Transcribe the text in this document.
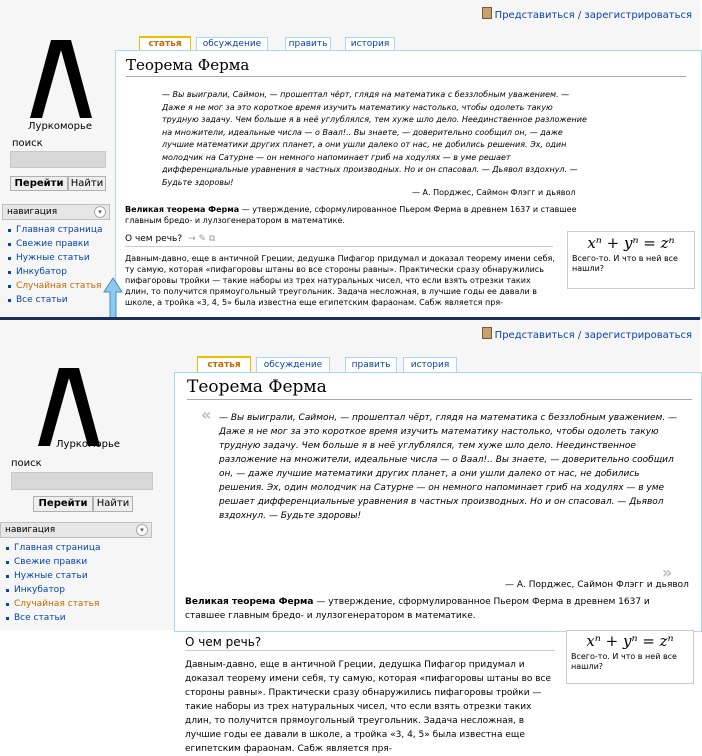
Представиться / зарегистрироваться
Луркоморье
поиск
Перейти Найти
навигация	▾
Главная страница
Свежие правки
Нужные статьи
Инкубатор
Случайная статья
Все статьи
статья	обсуждение	править	история
Теорема Ферма
— Вы выиграли, Саймон, — прошептал чёрт, глядя на математика с беззлобным уважением. — Даже я не мог за это короткое время изучить математику настолько, чтобы одолеть такую трудную задачу. Чем больше я в неё углублялся, тем хуже шло дело. Неединственное разложение на множители, идеальные числа — о Ваал!.. Вы знаете, — доверительно сообщил он, — даже лучшие математики других планет, а они ушли далеко от нас, не добились решения. Эх, один молодчик на Сатурне — он немного напоминает гриб на ходулях — в уме решает дифференциальные уравнения в частных производных. Но и он спасовал. — Дьявол вздохнул. — Будьте здоровы!
— А. Порджес, Саймон Флэгг и дьявол
Великая теорема Ферма — утверждение, сформулированное Пьером Ферма в древнем 1637 и ставшее главным бредо- и лулзогенератором в математике.
О чем речь? → ✎ ⧉
Давным-давно, еще в античной Греции, дедушка Пифагор придумал и доказал теорему имени себя, ту самую, которая «пифагоровы штаны во все стороны равны». Практически сразу обнаружились пифагоровы тройки — такие наборы из трех натуральных чисел, что если взять отрезки таких длин, то получится прямоугольный треугольник. Задача несложная, в лучшие годы ее давали в школе, а тройка «3, 4, 5» была известна еще египетским фараонам. Сабж является пря-
xⁿ + yⁿ = zⁿ
Всего-то. И что в ней все нашли?
Представиться / зарегистрироваться
Луркоморье
поиск
Перейти Найти
навигация	▾
Главная страница
Свежие правки
Нужные статьи
Инкубатор
Случайная статья
Все статьи
статья	обсуждение	править	история
Теорема Ферма
« — Вы выиграли, Саймон, — прошептал чёрт, глядя на математика с беззлобным уважением. — Даже я не мог за это короткое время изучить математику настолько, чтобы одолеть такую трудную задачу. Чем больше я в неё углублялся, тем хуже шло дело. Неединственное разложение на множители, идеальные числа — о Ваал!.. Вы знаете, — доверительно сообщил он, — даже лучшие математики других планет, а они ушли далеко от нас, не добились решения. Эх, один молодчик на Сатурне — он немного напоминает гриб на ходулях — в уме решает дифференциальные уравнения в частных производных. Но и он спасовал. — Дьявол вздохнул. — Будьте здоровы!
»
— А. Порджес, Саймон Флэгг и дьявол
Великая теорема Ферма — утверждение, сформулированное Пьером Ферма в древнем 1637 и ставшее главным бредо- и лулзогенератором в математике.
О чем речь?
Давным-давно, еще в античной Греции, дедушка Пифагор придумал и доказал теорему имени себя, ту самую, которая «пифагоровы штаны во все стороны равны». Практически сразу обнаружились пифагоровы тройки — такие наборы из трех натуральных чисел, что если взять отрезки таких длин, то получится прямоугольный треугольник. Задача несложная, в лучшие годы ее давали в школе, а тройка «3, 4, 5» была известна еще египетским фараонам. Сабж является пря-
xⁿ + yⁿ = zⁿ
Всего-то. И что в ней все нашли?
